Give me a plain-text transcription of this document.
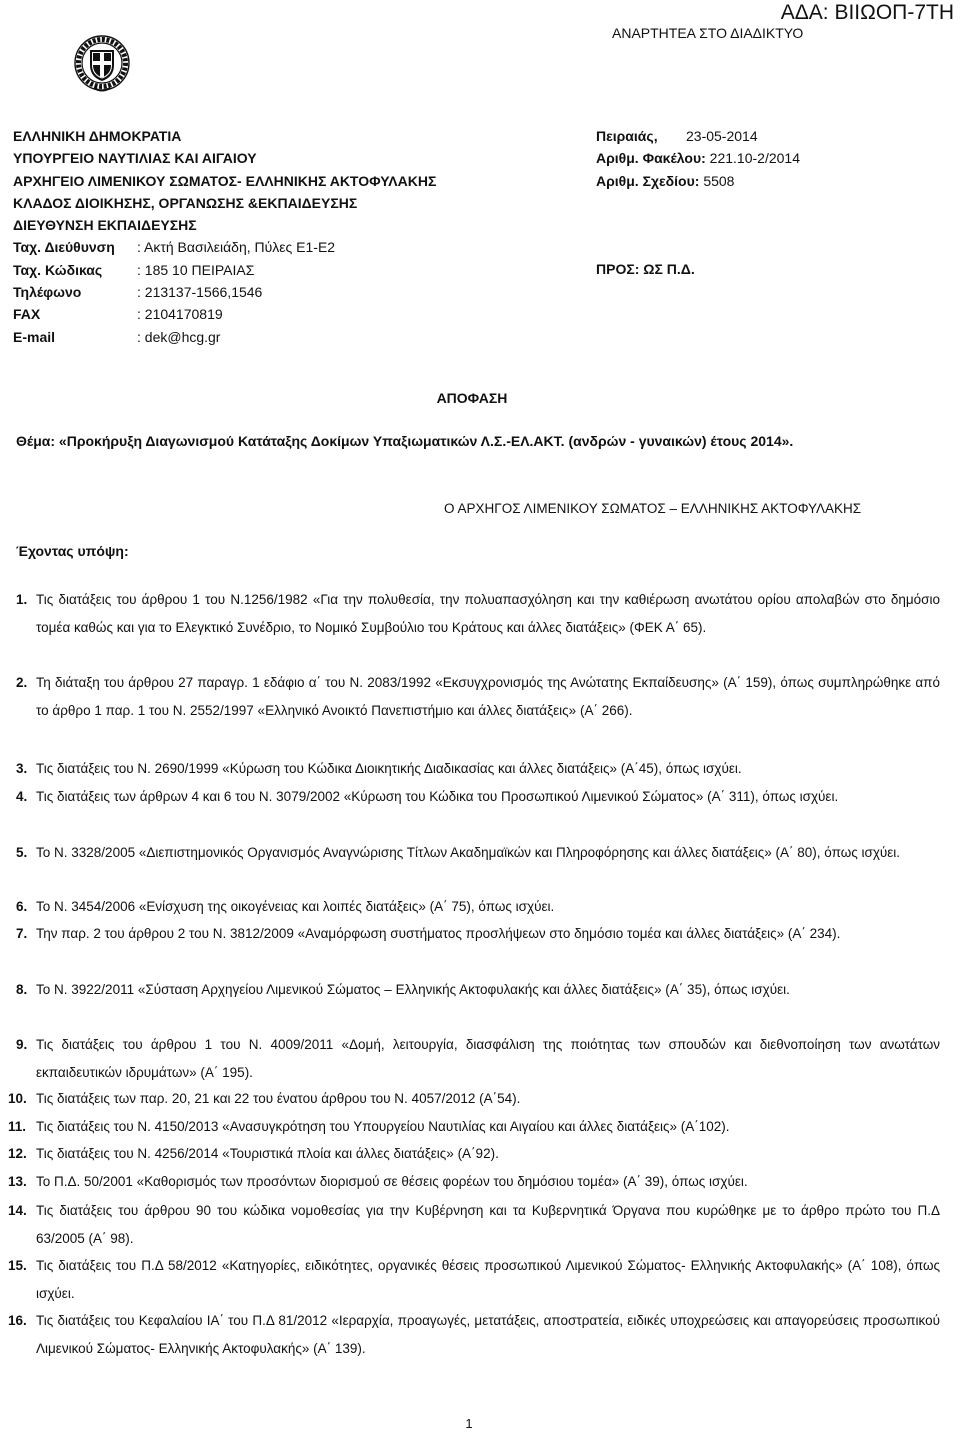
ΑΔΑ: ΒΙΙΩΟΠ-7ΤΗ
ΑΝΑΡΤΗΤΕΑ ΣΤΟ ΔΙΑΔΙΚΤΥΟ
ΕΛΛΗΝΙΚΗ ΔΗΜΟΚΡΑΤΙΑ
ΥΠΟΥΡΓΕΙΟ ΝΑΥΤΙΛΙΑΣ ΚΑΙ ΑΙΓΑΙΟΥ
ΑΡΧΗΓΕΙΟ ΛΙΜΕΝΙΚΟΥ ΣΩΜΑΤΟΣ- ΕΛΛΗΝΙΚΗΣ ΑΚΤΟΦΥΛΑΚΗΣ
ΚΛΑΔΟΣ ΔΙΟΙΚΗΣΗΣ, ΟΡΓΑΝΩΣΗΣ &ΕΚΠΑΙΔΕΥΣΗΣ
ΔΙΕΥΘΥΝΣΗ ΕΚΠΑΙΔΕΥΣΗΣ
Ταχ. Διεύθυνση : Ακτή Βασιλειάδη, Πύλες Ε1-Ε2
Ταχ. Κώδικας : 185 10 ΠΕΙΡΑΙΑΣ
Τηλέφωνο	: 213137-1566,1546
FAX	: 2104170819
E-mail	: dek@hcg.gr
Πειραιάς, 23-05-2014
Αριθμ. Φακέλου: 221.10-2/2014
Αριθμ. Σχεδίου: 5508
ΠΡΟΣ: ΩΣ Π.Δ.
ΑΠΟΦΑΣΗ
Θέμα: «Προκήρυξη Διαγωνισμού Κατάταξης Δοκίμων Υπαξιωματικών Λ.Σ.-ΕΛ.ΑΚΤ. (ανδρών - γυναικών) έτους 2014».
Ο ΑΡΧΗΓΟΣ ΛΙΜΕΝΙΚΟΥ ΣΩΜΑΤΟΣ – ΕΛΛΗΝΙΚΗΣ ΑΚΤΟΦΥΛΑΚΗΣ
Έχοντας υπόψη:
1. Τις διατάξεις του άρθρου 1 του Ν.1256/1982 «Για την πολυθεσία, την πολυαπασχόληση και την καθιέρωση ανωτάτου ορίου απολαβών στο δημόσιο τομέα καθώς και για το Ελεγκτικό Συνέδριο, το Νομικό Συμβούλιο του Κράτους και άλλες διατάξεις» (ΦΕΚ Α΄ 65).
2. Τη διάταξη του άρθρου 27 παραγρ. 1 εδάφιο α΄ του Ν. 2083/1992 «Εκσυγχρονισμός της Ανώτατης Εκπαίδευσης» (Α΄ 159), όπως συμπληρώθηκε από το άρθρο 1 παρ. 1 του Ν. 2552/1997 «Ελληνικό Ανοικτό Πανεπιστήμιο και άλλες διατάξεις» (Α΄ 266).
3. Τις διατάξεις του Ν. 2690/1999 «Κύρωση του Κώδικα Διοικητικής Διαδικασίας και άλλες διατάξεις» (Α΄45), όπως ισχύει.
4. Τις διατάξεις των άρθρων 4 και 6 του Ν. 3079/2002 «Κύρωση του Κώδικα του Προσωπικού Λιμενικού Σώματος» (Α΄ 311), όπως ισχύει.
5. Το Ν. 3328/2005 «Διεπιστημονικός Οργανισμός Αναγνώρισης Τίτλων Ακαδημαϊκών και Πληροφόρησης και άλλες διατάξεις» (Α΄ 80), όπως ισχύει.
6. Το Ν. 3454/2006 «Ενίσχυση της οικογένειας και λοιπές διατάξεις» (Α΄ 75), όπως ισχύει.
7. Την παρ. 2 του άρθρου 2 του Ν. 3812/2009 «Αναμόρφωση συστήματος προσλήψεων στο δημόσιο τομέα και άλλες διατάξεις» (Α΄ 234).
8. Το Ν. 3922/2011 «Σύσταση Αρχηγείου Λιμενικού Σώματος – Ελληνικής Ακτοφυλακής και άλλες διατάξεις» (Α΄ 35), όπως ισχύει.
9. Τις διατάξεις του άρθρου 1 του Ν. 4009/2011 «Δομή, λειτουργία, διασφάλιση της ποιότητας των σπουδών και διεθνοποίηση των ανωτάτων εκπαιδευτικών ιδρυμάτων» (Α΄ 195).
10. Τις διατάξεις των παρ. 20, 21 και 22 του ένατου άρθρου του Ν. 4057/2012 (Α΄54).
11. Τις διατάξεις του Ν. 4150/2013 «Ανασυγκρότηση του Υπουργείου Ναυτιλίας και Αιγαίου και άλλες διατάξεις» (Α΄102).
12. Τις διατάξεις του Ν. 4256/2014 «Τουριστικά πλοία και άλλες διατάξεις» (Α΄92).
13. Το Π.Δ. 50/2001 «Καθορισμός των προσόντων διορισμού σε θέσεις φορέων του δημόσιου τομέα» (Α΄ 39), όπως ισχύει.
14. Τις διατάξεις του άρθρου 90 του κώδικα νομοθεσίας για την Κυβέρνηση και τα Κυβερνητικά Όργανα που κυρώθηκε με το άρθρο πρώτο του Π.Δ 63/2005 (Α΄ 98).
15. Τις διατάξεις του Π.Δ 58/2012 «Κατηγορίες, ειδικότητες, οργανικές θέσεις προσωπικού Λιμενικού Σώματος- Ελληνικής Ακτοφυλακής» (Α΄ 108), όπως ισχύει.
16. Τις διατάξεις του Κεφαλαίου ΙΑ΄ του Π.Δ 81/2012 «Ιεραρχία, προαγωγές, μετατάξεις, αποστρατεία, ειδικές υποχρεώσεις και απαγορεύσεις προσωπικού Λιμενικού Σώματος- Ελληνικής Ακτοφυλακής» (Α΄ 139).
1
